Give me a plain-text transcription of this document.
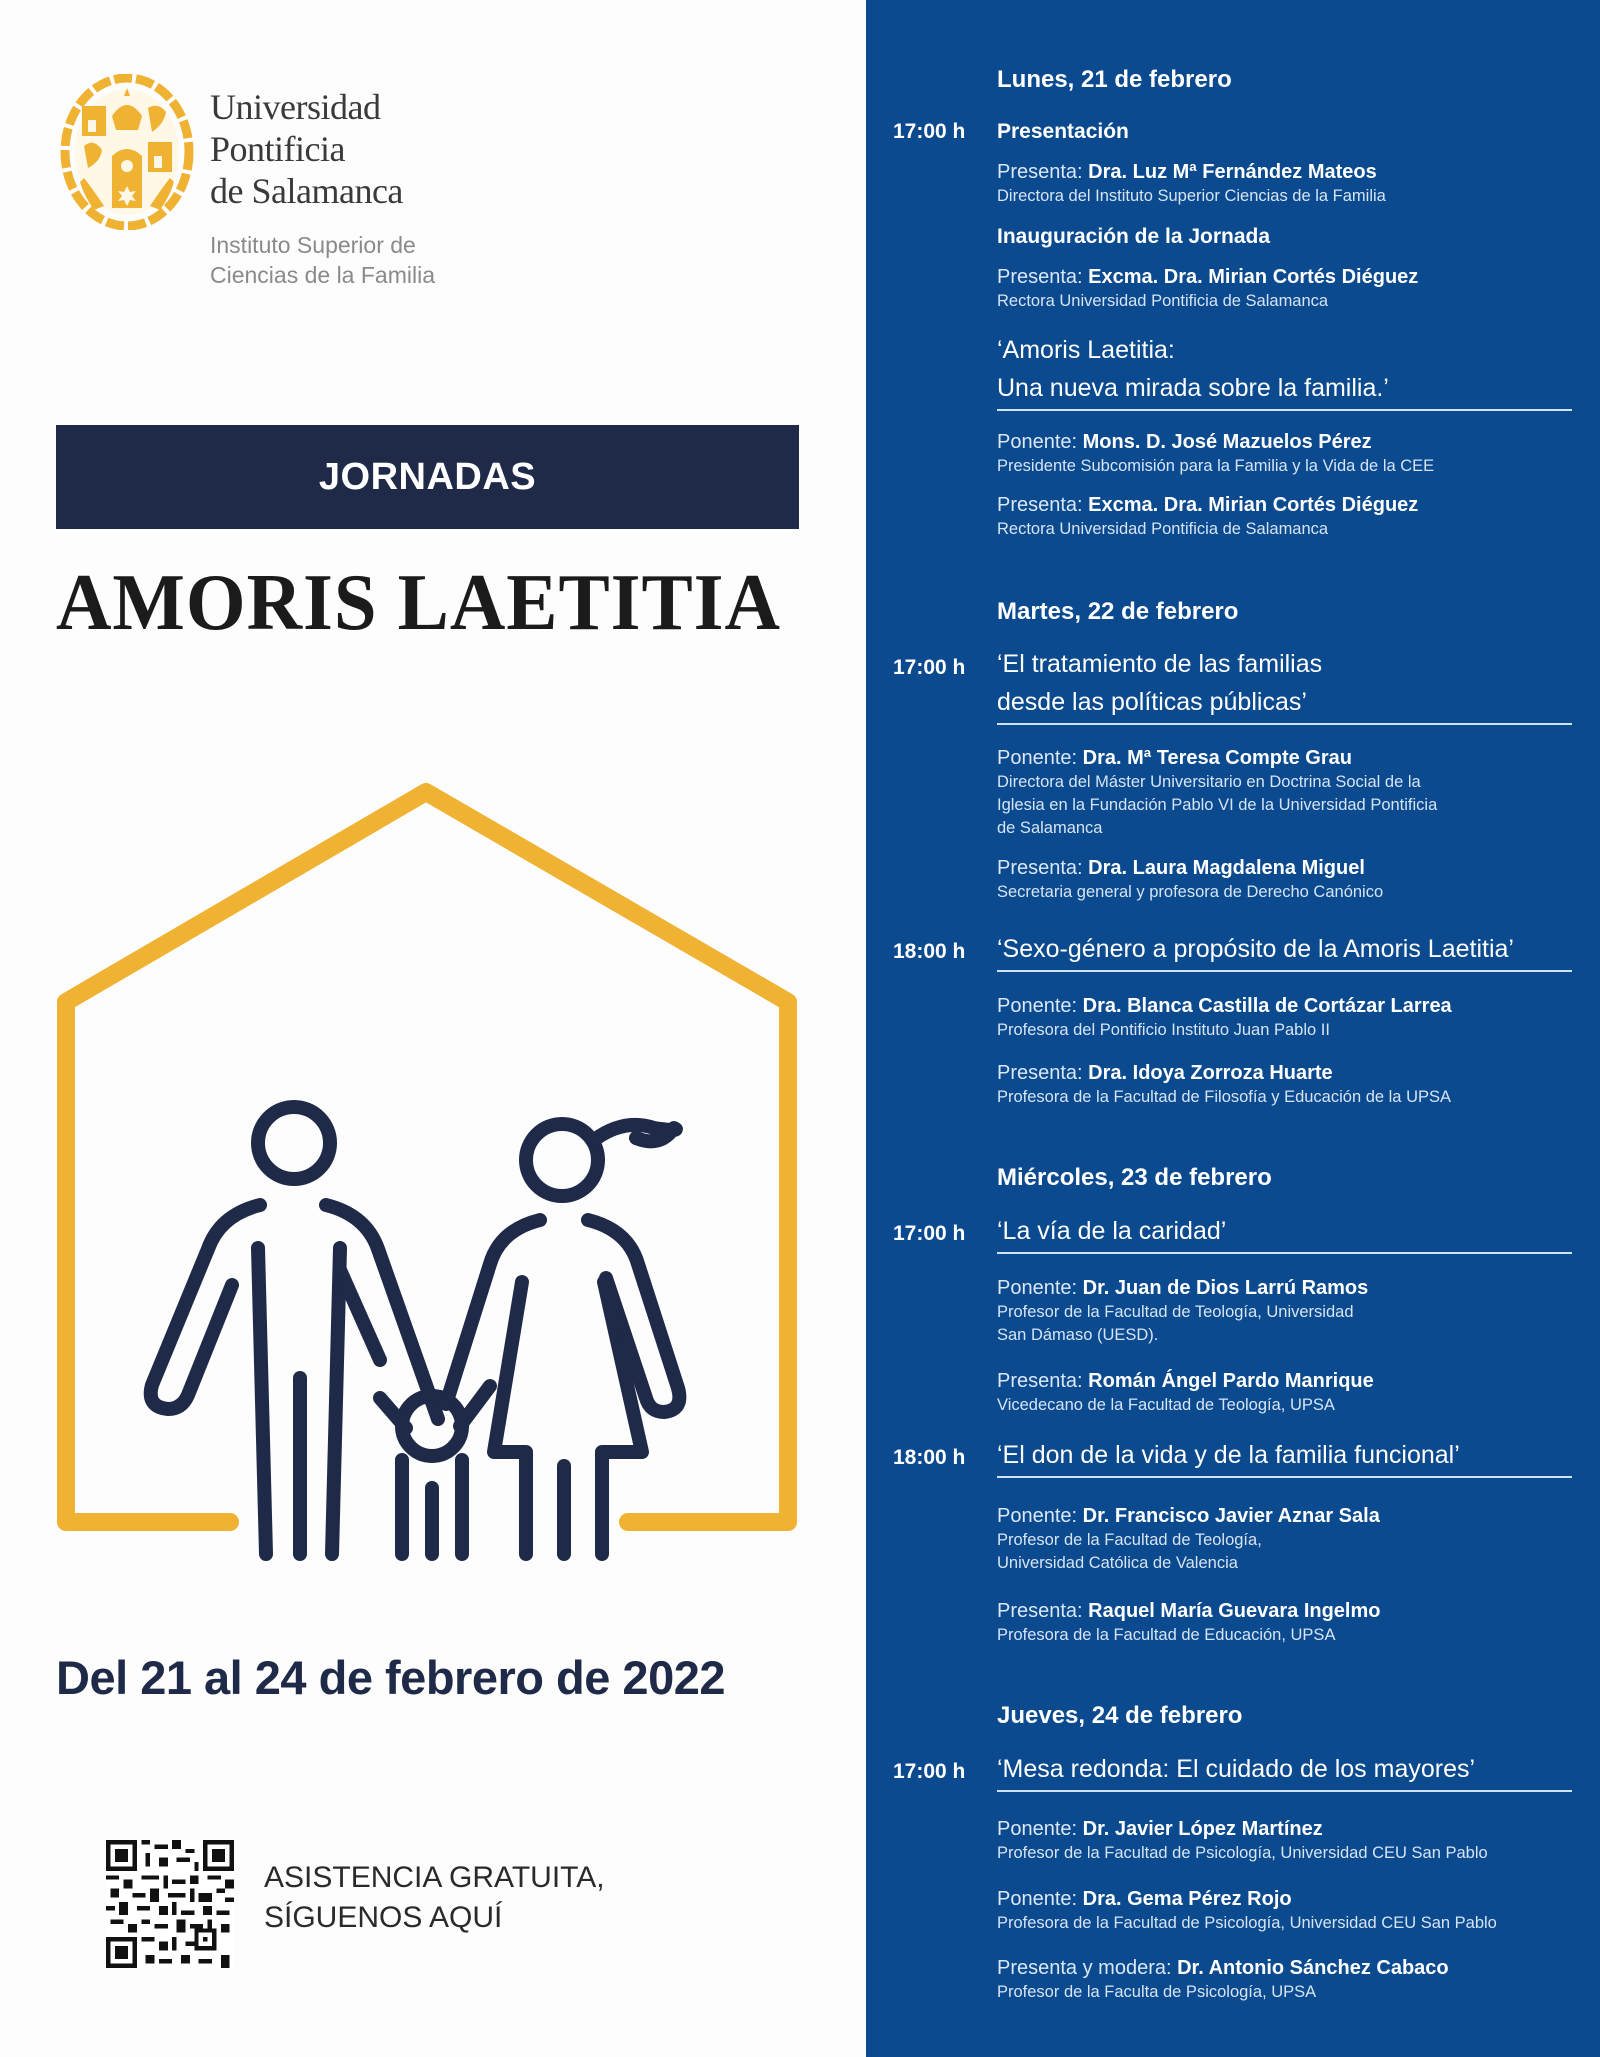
Universidad
Pontificia
de Salamanca
Instituto Superior de
Ciencias de la Familia
JORNADAS
AMORIS LAETITIA
Del 21 al 24 de febrero de 2022
ASISTENCIA GRATUITA,
SÍGUENOS AQUÍ
Lunes, 21 de febrero
17:00 h Presentación
Presenta: Dra. Luz Mª Fernández Mateos
Directora del Instituto Superior Ciencias de la Familia
Inauguración de la Jornada
Presenta: Excma. Dra. Mirian Cortés Diéguez
Rectora Universidad Pontificia de Salamanca
‘Amoris Laetitia:
Una nueva mirada sobre la familia.’
Ponente: Mons. D. José Mazuelos Pérez
Presidente Subcomisión para la Familia y la Vida de la CEE
Presenta: Excma. Dra. Mirian Cortés Diéguez
Rectora Universidad Pontificia de Salamanca
Martes, 22 de febrero
17:00 h ‘El tratamiento de las familias
desde las políticas públicas’
Ponente: Dra. Mª Teresa Compte Grau
Directora del Máster Universitario en Doctrina Social de la
Iglesia en la Fundación Pablo VI de la Universidad Pontificia
de Salamanca
Presenta: Dra. Laura Magdalena Miguel
Secretaria general y profesora de Derecho Canónico
18:00 h ‘Sexo-género a propósito de la Amoris Laetitia’
Ponente: Dra. Blanca Castilla de Cortázar Larrea
Profesora del Pontificio Instituto Juan Pablo II
Presenta: Dra. Idoya Zorroza Huarte
Profesora de la Facultad de Filosofía y Educación de la UPSA
Miércoles, 23 de febrero
17:00 h ‘La vía de la caridad’
Ponente: Dr. Juan de Dios Larrú Ramos
Profesor de la Facultad de Teología, Universidad
San Dámaso (UESD).
Presenta: Román Ángel Pardo Manrique
Vicedecano de la Facultad de Teología, UPSA
18:00 h ‘El don de la vida y de la familia funcional’
Ponente: Dr. Francisco Javier Aznar Sala
Profesor de la Facultad de Teología,
Universidad Católica de Valencia
Presenta: Raquel María Guevara Ingelmo
Profesora de la Facultad de Educación, UPSA
Jueves, 24 de febrero
17:00 h ‘Mesa redonda: El cuidado de los mayores’
Ponente: Dr. Javier López Martínez
Profesor de la Facultad de Psicología, Universidad CEU San Pablo
Ponente: Dra. Gema Pérez Rojo
Profesora de la Facultad de Psicología, Universidad CEU San Pablo
Presenta y modera: Dr. Antonio Sánchez Cabaco
Profesor de la Faculta de Psicología, UPSA
